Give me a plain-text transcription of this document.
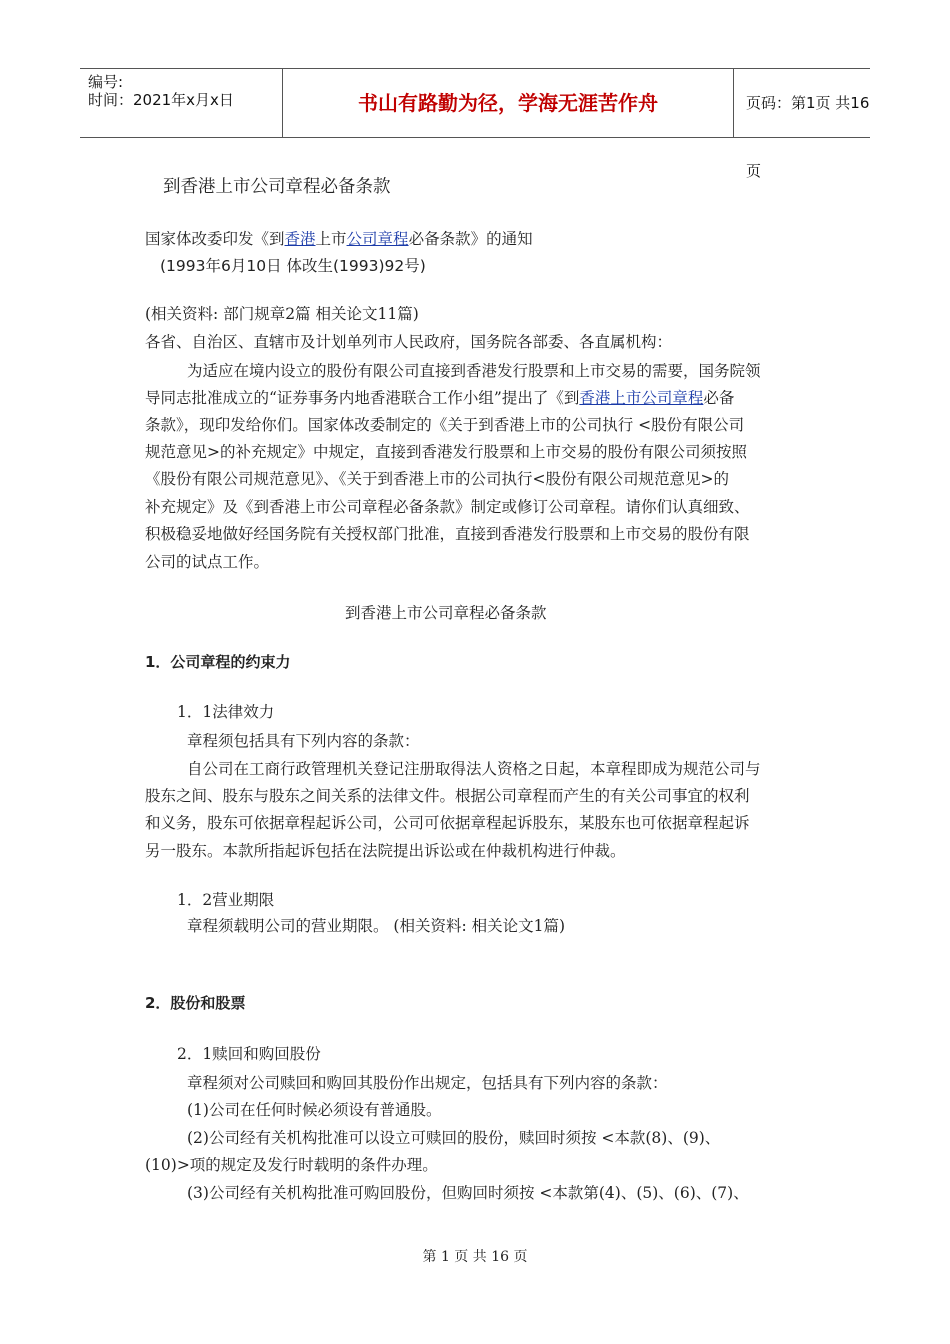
编号:
时间：2021年x月x日	书山有路勤为径，学海无涯苦作舟	页码：第1页 共16页
到香港上市公司章程必备条款
国家体改委印发《到香港上市公司章程必备条款》的通知
(1993年6月10日 体改生(1993)92号)
(相关资料: 部门规章2篇 相关论文11篇)
各省、自治区、直辖市及计划单列市人民政府，国务院各部委、各直属机构：
为适应在境内设立的股份有限公司直接到香港发行股票和上市交易的需要，国务院领
导同志批准成立的“证券事务内地香港联合工作小组”提出了《到香港上市公司章程必备
条款》，现印发给你们。国家体改委制定的《关于到香港上市的公司执行 <股份有限公司
规范意见>的补充规定》中规定，直接到香港发行股票和上市交易的股份有限公司须按照
《股份有限公司规范意见》、《关于到香港上市的公司执行<股份有限公司规范意见>的
补充规定》及《到香港上市公司章程必备条款》制定或修订公司章程。请你们认真细致、
积极稳妥地做好经国务院有关授权部门批准，直接到香港发行股票和上市交易的股份有限
公司的试点工作。
到香港上市公司章程必备条款
1．公司章程的约束力
1．1法律效力
章程须包括具有下列内容的条款：
自公司在工商行政管理机关登记注册取得法人资格之日起，本章程即成为规范公司与
股东之间、股东与股东之间关系的法律文件。根据公司章程而产生的有关公司事宜的权利
和义务，股东可依据章程起诉公司，公司可依据章程起诉股东，某股东也可依据章程起诉
另一股东。本款所指起诉包括在法院提出诉讼或在仲裁机构进行仲裁。
1．2营业期限
章程须载明公司的营业期限。 (相关资料: 相关论文1篇)
2．股份和股票
2．1赎回和购回股份
章程须对公司赎回和购回其股份作出规定，包括具有下列内容的条款：
(1)公司在任何时候必须设有普通股。
(2)公司经有关机构批准可以设立可赎回的股份，赎回时须按 <本款(8)、(9)、
(10)>项的规定及发行时载明的条件办理。
(3)公司经有关机构批准可购回股份，但购回时须按 <本款第(4)、(5)、(6)、(7)、
第 1 页 共 16 页
